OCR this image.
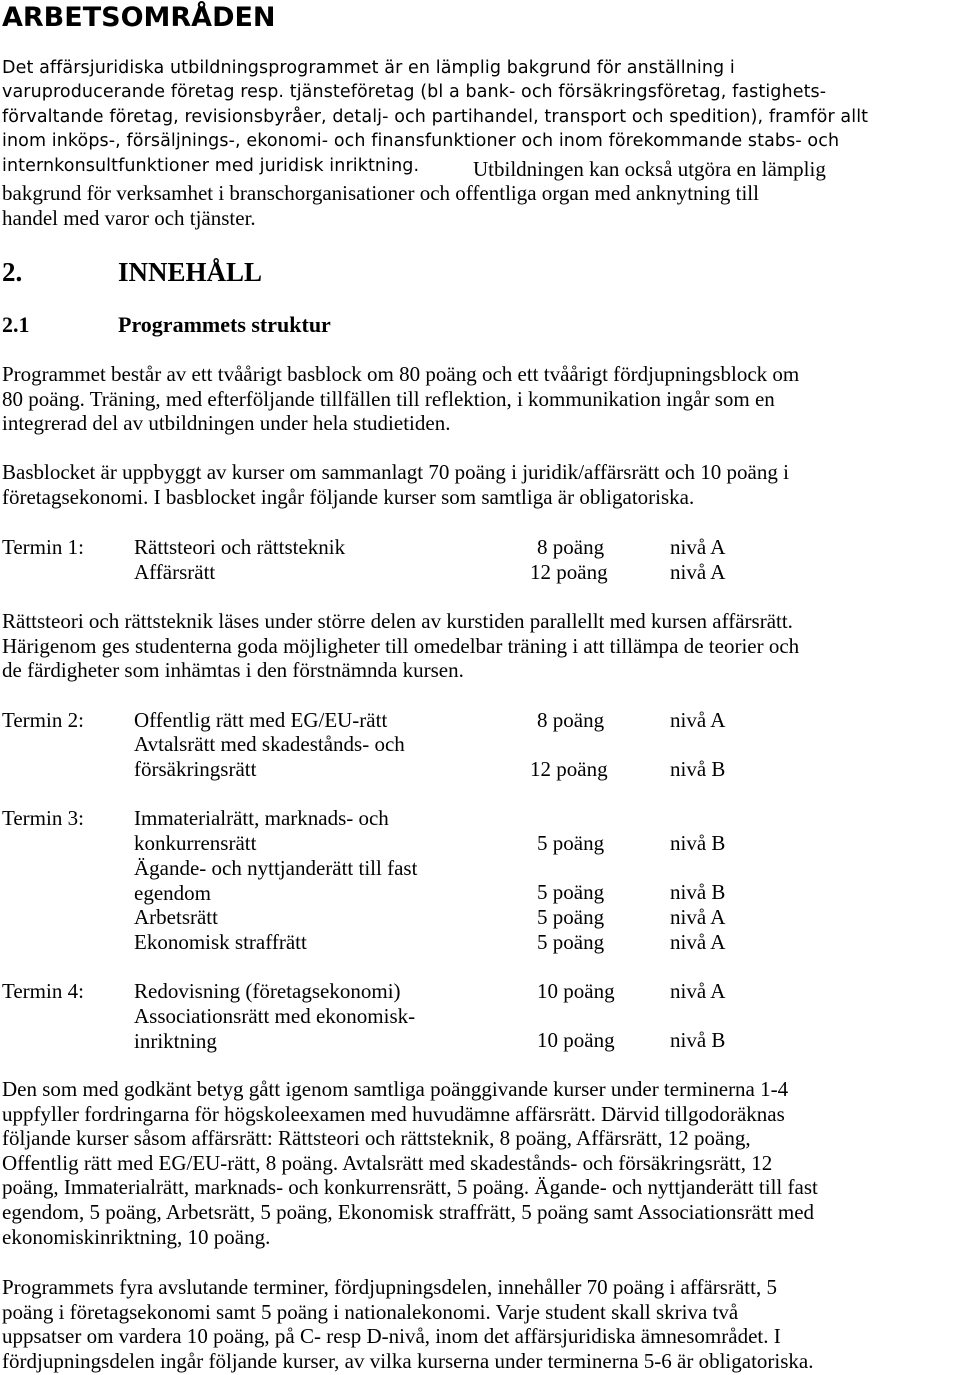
ARBETSOMRÅDEN

Det affärsjuridiska utbildningsprogrammet är en lämplig bakgrund för anställning i
varuproducerande företag resp. tjänsteföretag (bl a bank- och försäkringsföretag, fastighets-
förvaltande företag, revisionsbyråer, detalj- och partihandel, transport och spedition), framför allt
inom inköps-, försäljnings-, ekonomi- och finansfunktioner och inom förekommande stabs- och
internkonsultfunktioner med juridisk inriktning.	Utbildningen kan också utgöra en lämplig

bakgrund för verksamhet i branschorganisationer och offentliga organ med anknytning till
handel med varor och tjänster.

2.	INNEHÅLL
2.1	Programmets struktur

Programmet består av ett tvåårigt basblock om 80 poäng och ett tvåårigt fördjupningsblock om
80 poäng. Träning, med efterföljande tillfällen till reflektion, i kommunikation ingår som en
integrerad del av utbildningen under hela studietiden.

Basblocket är uppbyggt av kurser om sammanlagt 70 poäng i juridik/affärsrätt och 10 poäng i
företagsekonomi. I basblocket ingår följande kurser som samtliga är obligatoriska.

Termin 1: Rättsteori och rättsteknik	8 poäng	nivå A
Affärsrätt	12 poäng	nivå A

Rättsteori och rättsteknik läses under större delen av kurstiden parallellt med kursen affärsrätt.
Härigenom ges studenterna goda möjligheter till omedelbar träning i att tillämpa de teorier och
de färdigheter som inhämtas i den förstnämnda kursen.

Termin 2: Offentlig rätt med EG/EU-rätt	8 poäng	nivå A
Avtalsrätt med skadestånds- och
försäkringsrätt	12 poäng	nivå B
Termin 3: Immaterialrätt, marknads- och
konkurrensrätt	5 poäng	nivå B
Ägande- och nyttjanderätt till fast
egendom	5 poäng	nivå B
Arbetsrätt	5 poäng	nivå A
Ekonomisk straffrätt	5 poäng	nivå A
Termin 4: Redovisning (företagsekonomi)	10 poäng	nivå A
Associationsrätt med ekonomisk-
inriktning	10 poäng	nivå B

Den som med godkänt betyg gått igenom samtliga poänggivande kurser under terminerna 1-4
uppfyller fordringarna för högskoleexamen med huvudämne affärsrätt. Därvid tillgodoräknas
följande kurser såsom affärsrätt: Rättsteori och rättsteknik, 8 poäng, Affärsrätt, 12 poäng,
Offentlig rätt med EG/EU-rätt, 8 poäng. Avtalsrätt med skadestånds- och försäkringsrätt, 12
poäng, Immaterialrätt, marknads- och konkurrensrätt, 5 poäng. Ägande- och nyttjanderätt till fast
egendom, 5 poäng, Arbetsrätt, 5 poäng, Ekonomisk straffrätt, 5 poäng samt Associationsrätt med
ekonomiskinriktning, 10 poäng.

Programmets fyra avslutande terminer, fördjupningsdelen, innehåller 70 poäng i affärsrätt, 5
poäng i företagsekonomi samt 5 poäng i nationalekonomi. Varje student skall skriva två
uppsatser om vardera 10 poäng, på C- resp D-nivå, inom det affärsjuridiska ämnesområdet. I
fördjupningsdelen ingår följande kurser, av vilka kurserna under terminerna 5-6 är obligatoriska.
